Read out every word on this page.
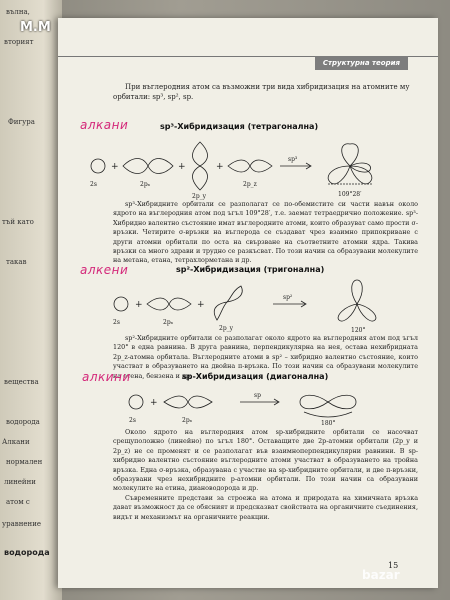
вълна,
вторият
Фигура
тъй като
такав
вещества
водорода
Алкани
нормален
линейни
атом с
уравнение
водорода
M.M
Структурна теория
При въглеродния атом са възможни три вида хибридизация на атомните му орбитали: sp³, sp², sp.
алкани	sp³-Хибридизация (тетрагонална)
+	+	+
2s	2pₓ
2p_y
2p_z
sp³
109°28′

sp³-Хибридните орбитали се разполагат се по-обемистите си части навън около ядрото на въглеродния атом под ъгъл 109°28′, т.е. заемат тетраедрично положение. sp³-Хибридно валентно състояние имат въглеродните атоми, които образуват само прости σ-връзки. Четирите σ-връзки на въглерода се създават чрез взаимно припокриване с други атомни орбитали по оста на свързване на съответните атомни ядра. Такива връзки са много здрави и трудно се разкъсват. По този начин са образувани молекулите на метана, етана, тетрахлорметана и др.

алкени	sp²-Хибридизация (тригонална)
+	+
2s	2pₓ
2p_y
sp²
120°

sp²-Хибридните орбитали се разполагат около ядрото на въглеродния атом под ъгъл 120° в една равнина. В друга равнина, перпендикулярна на нея, остава нехибридната 2p_z-атомна орбитала. Въглеродните атоми в sp² – хибридно валентно състояние, които участват в образуването на двойна π-връзка. По този начин са образувани молекулите на етена, бензена и др.

алкини	sp-Хибридизация (диагонална)
+
2s	2pₓ
sp
180°

Около ядрото на въглеродния атом sp-хибридните орбитали се насочват срещуположно (линейно) по ъгъл 180°. Оставащите две 2p-атомни орбитали (2p_y и 2p_z) не се променят и се разполагат във взаимноперпендикулярни равнини. В sp-хибридно валентно състояние въглеродните атоми участват в образуването на тройна връзка. Една σ-връзка, образувана с участие на sp-хибридните орбитали, и две π-връзки, образувани чрез нехибридните p-атомни орбитали. По този начин са образувани молекулите на етина, диановодорода и др.

Съвременните представи за строежа на атома и природата на химичната връзка дават възможност да се обясният и предсказват свойствата на органичните съединения, видът и механизмът на органичните реакции.

15
bazar
